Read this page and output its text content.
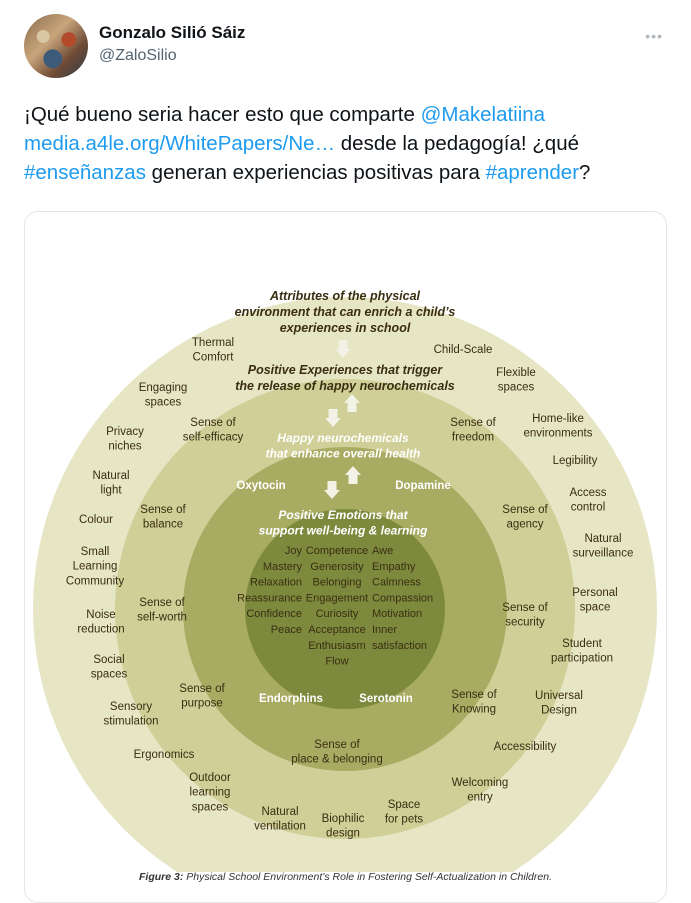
Gonzalo Silió Sáiz
@ZaloSilio
•••
¡Qué bueno seria hacer esto que comparte @Makelatiina
media.a4le.org/WhitePapers/Ne… desde la pedagogía! ¿qué
#enseñanzas generan experiencias positivas para #aprender?
Attributes of the physical environment that can enrich a child’s experiences in school
Positive Experiences that trigger the release of happy neurochemicals
Happy neurochemicals that enhance overall health
Positive Emotions that support well-being & learning
Thermal Comfort
Child-Scale
Flexible spaces
Engaging spaces
Home-like environments
Privacy niches
Legibility
Natural light	Access control
Colour
Small Learning Community
Natural surveillance
Personal space
Noise reduction
Student participation
Social spaces
Universal Design
Sensory stimulation
Accessibility
Ergonomics
Welcoming entry
Outdoor learning spaces	Natural ventilation
Biophilic design
Space for pets
Sense of self-efficacy
Sense of freedom
Sense of balance
Sense of agency
Sense of self-worth
Sense of security
Sense of purpose
Sense of Knowing
Sense of place & belonging
Oxytocin	Dopamine
Endorphins	Serotonin
Joy Mastery Relaxation Reassurance Confidence Peace
Competence Generosity Belonging Engagement Curiosity Acceptance Enthusiasm Flow
Awe Empathy Calmness Compassion Motivation Inner satisfaction
Figure 3: Physical School Environment’s Role in Fostering Self-Actualization in Children.
